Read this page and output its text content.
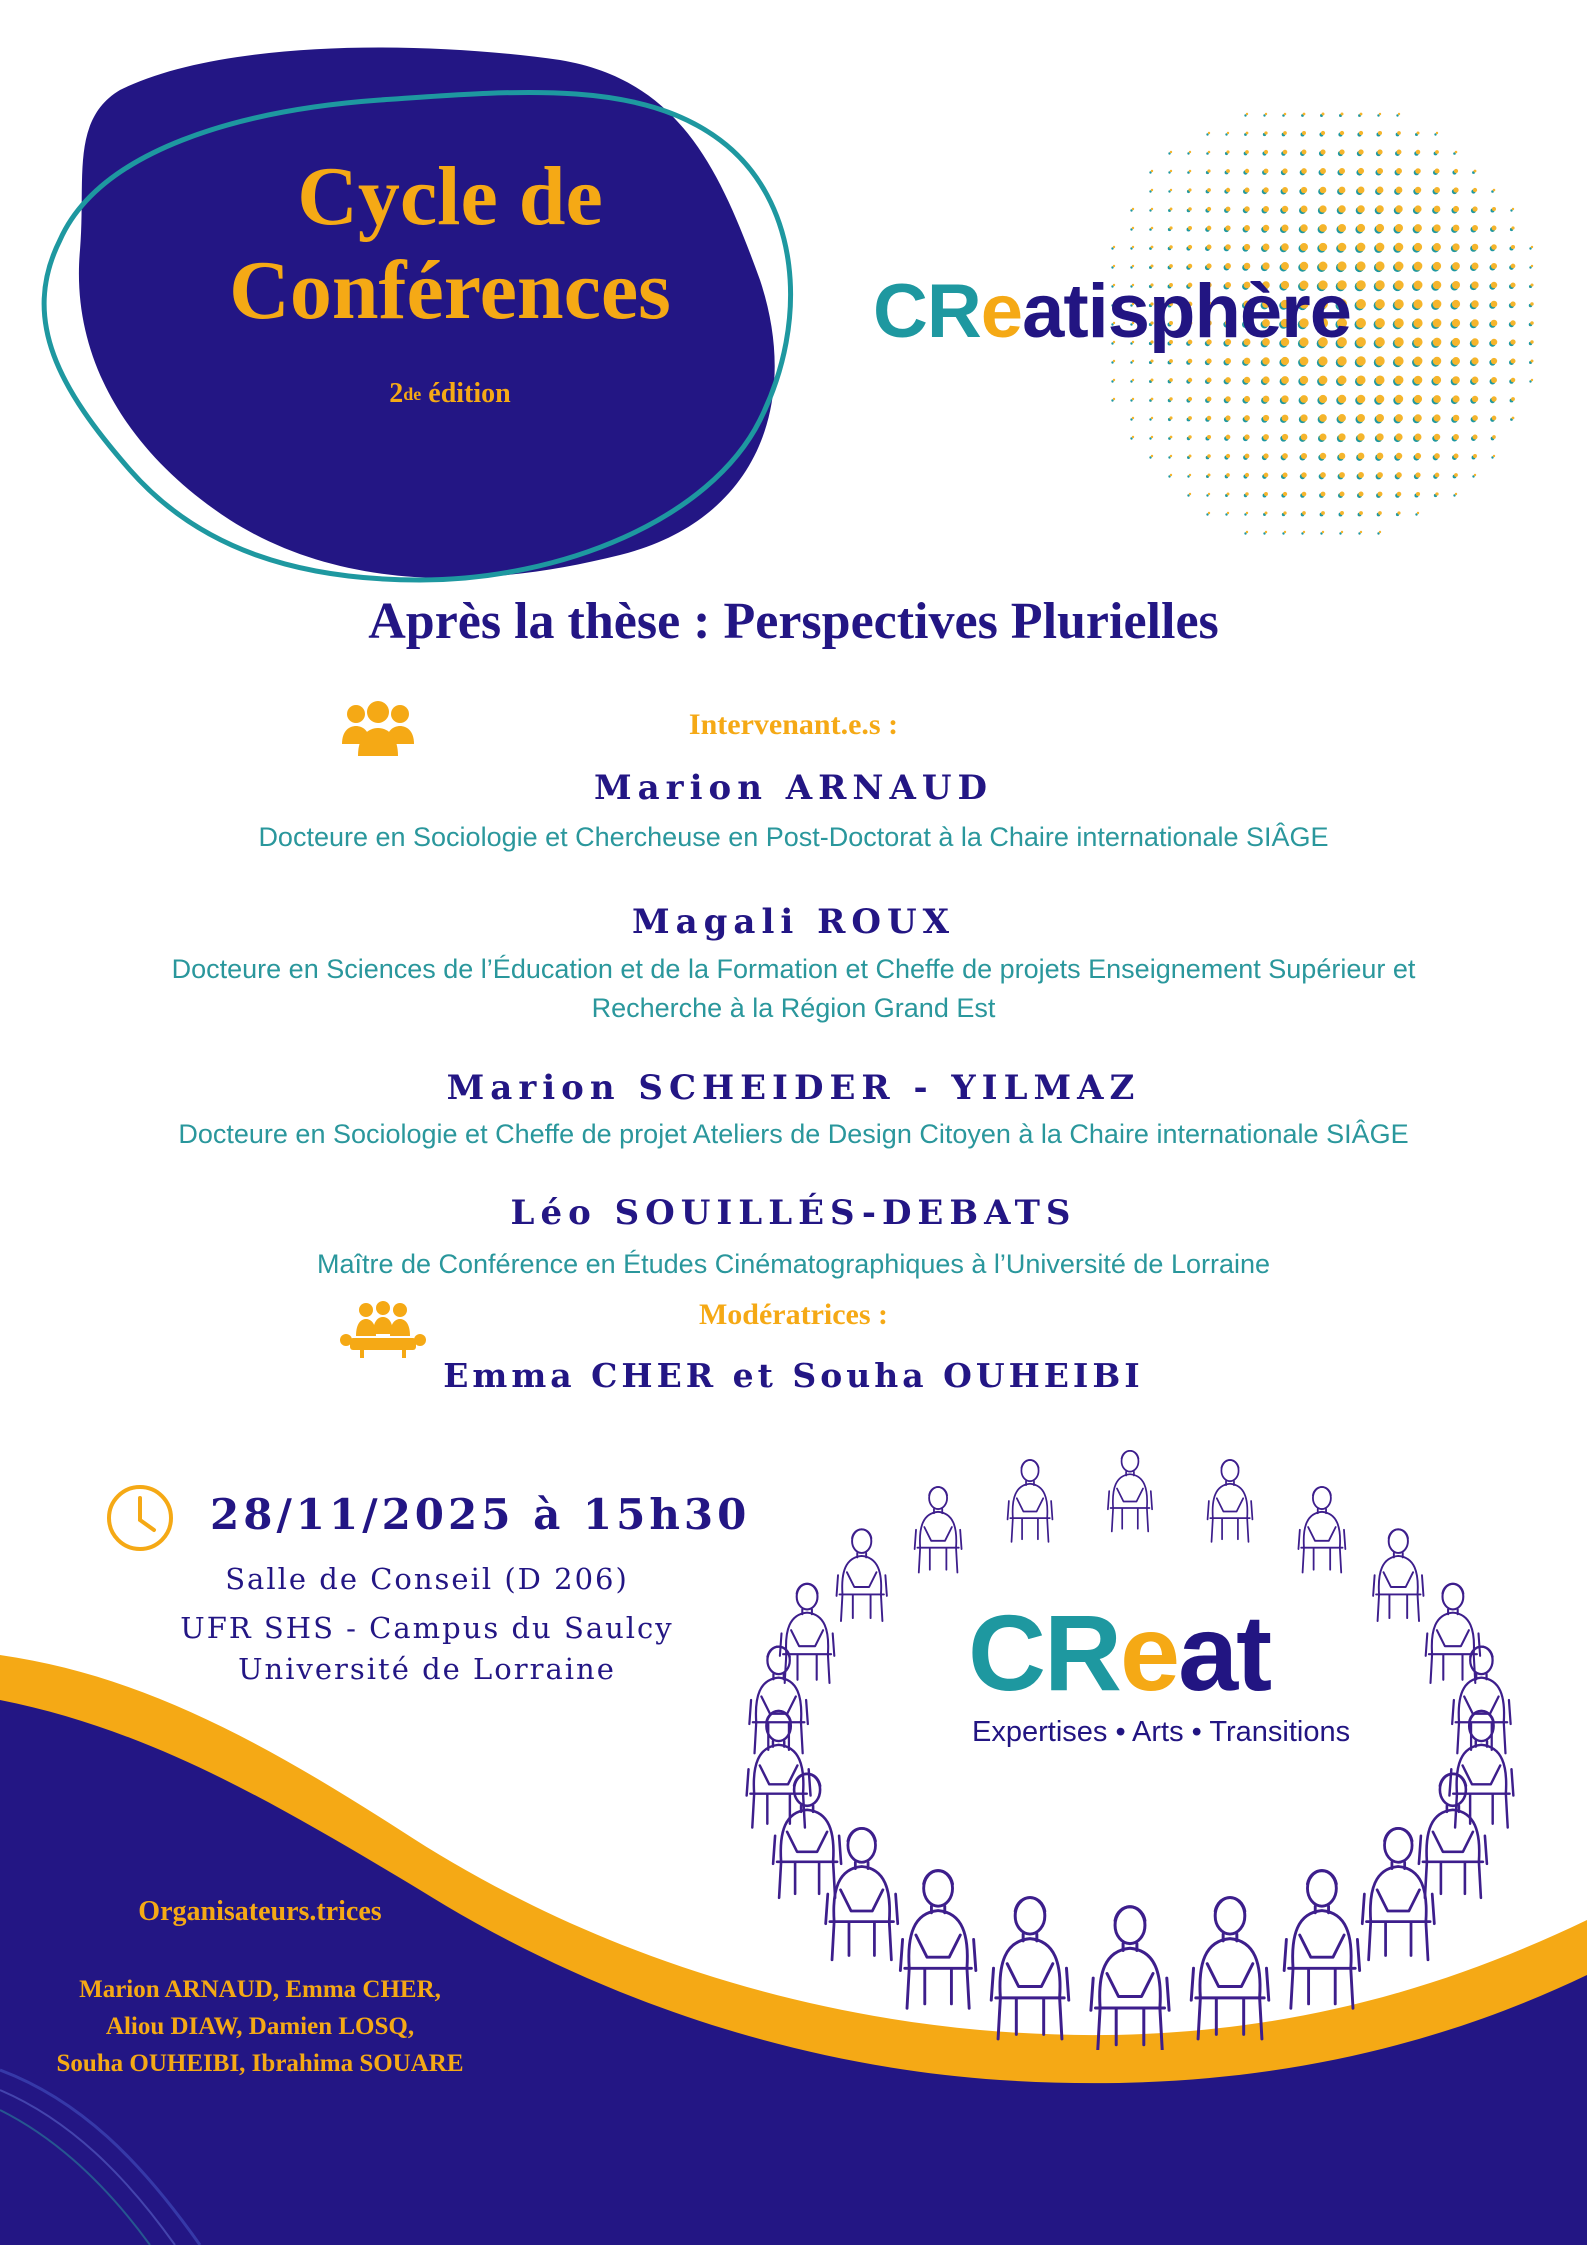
Cycle de
Conférences
2de édition
CReatisphère
Après la thèse : Perspectives Plurielles
Intervenant.e.s :
Marion ARNAUD
Docteure en Sociologie et Chercheuse en Post-Doctorat à la Chaire internationale SIÂGE
Magali ROUX
Docteure en Sciences de l’Éducation et de la Formation et Cheffe de projets Enseignement Supérieur et
Recherche à la Région Grand Est
Marion SCHEIDER - YILMAZ
Docteure en Sociologie et Cheffe de projet Ateliers de Design Citoyen à la Chaire internationale SIÂGE
Léo SOUILLÉS-DEBATS
Maître de Conférence en Études Cinématographiques à l’Université de Lorraine
Modératrices :
Emma CHER et Souha OUHEIBI
28/11/2025 à 15h30
Salle de Conseil (D 206)
UFR SHS - Campus du Saulcy
Université de Lorraine	CReat
Expertises • Arts • Transitions
Organisateurs.trices
Marion ARNAUD, Emma CHER,
Aliou DIAW, Damien LOSQ,
Souha OUHEIBI, Ibrahima SOUARE
